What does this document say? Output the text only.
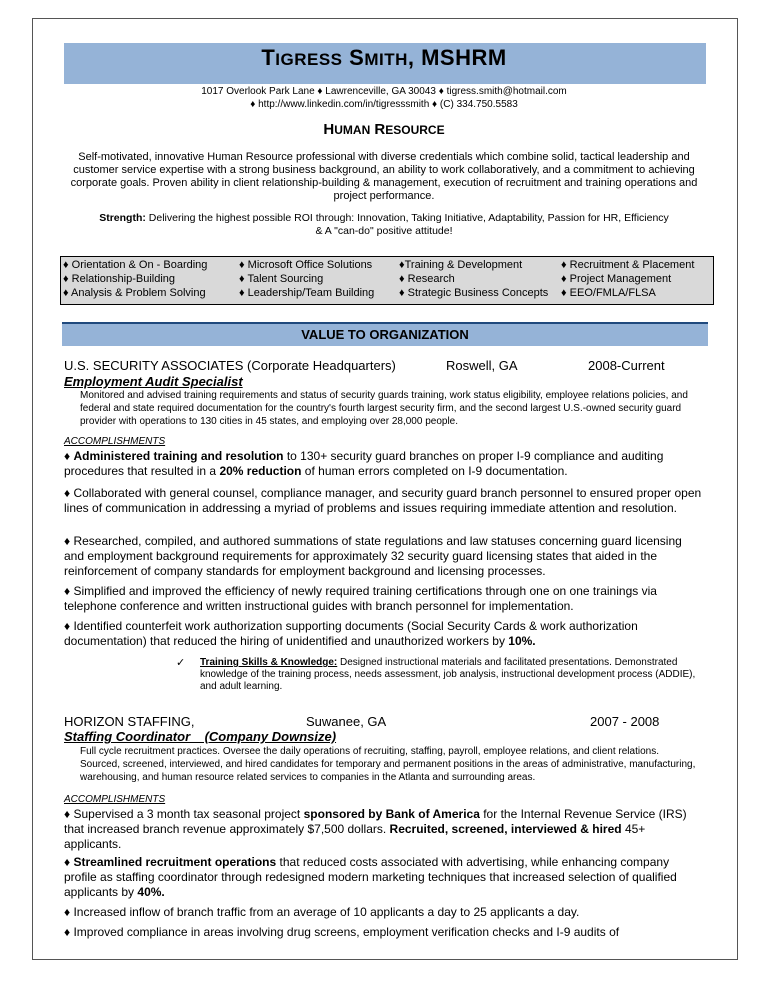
TIGRESS SMITH, MSHRM
1017 Overlook Park Lane ♦ Lawrenceville, GA 30043 ♦ tigress.smith@hotmail.com
♦ http://www.linkedin.com/in/tigresssmith ♦ (C) 334.750.5583
HUMAN RESOURCE
Self-motivated, innovative Human Resource professional with diverse credentials which combine solid, tactical leadership and customer service expertise with a strong business background, an ability to work collaboratively, and a commitment to achieving corporate goals. Proven ability in client relationship-building & management, execution of recruitment and training operations and project performance.
Strength: Delivering the highest possible ROI through: Innovation, Taking Initiative, Adaptability, Passion for HR, Efficiency
& A "can-do" positive attitude!
♦ Orientation & On - Boarding	♦ Microsoft Office Solutions ♦Training & Development	♦ Recruitment & Placement
♦ Relationship-Building	♦ Talent Sourcing	♦ Research	♦ Project Management
♦ Analysis & Problem Solving	♦ Leadership/Team Building ♦ Strategic Business Concepts ♦ EEO/FMLA/FLSA
VALUE TO ORGANIZATION
U.S. SECURITY ASSOCIATES (Corporate Headquarters)	Roswell, GA	2008-Current
Employment Audit Specialist
Monitored and advised training requirements and status of security guards training, work status eligibility, employee relations policies, and federal and state required documentation for the country's fourth largest security firm, and the second largest U.S.-owned security guard provider with operations to 130 cities in 45 states, and employing over 28,000 people.
ACCOMPLISHMENTS
♦ Administered training and resolution to 130+ security guard branches on proper I-9 compliance and auditing procedures that resulted in a 20% reduction of human errors completed on I-9 documentation.
♦ Collaborated with general counsel, compliance manager, and security guard branch personnel to ensured proper open lines of communication in addressing a myriad of problems and issues requiring immediate attention and resolution.
♦ Researched, compiled, and authored summations of state regulations and law statuses concerning guard licensing and employment background requirements for approximately 32 security guard licensing states that aided in the reinforcement of company standards for employment background and licensing processes.
♦ Simplified and improved the efficiency of newly required training certifications through one on one trainings via telephone conference and written instructional guides with branch personnel for implementation.
♦ Identified counterfeit work authorization supporting documents (Social Security Cards & work authorization documentation) that reduced the hiring of unidentified and unauthorized workers by 10%.
✓ Training Skills & Knowledge: Designed instructional materials and facilitated presentations. Demonstrated knowledge of the training process, needs assessment, job analysis, instructional development process (ADDIE), and adult learning.
HORIZON STAFFING,	Suwanee, GA	2007 - 2008
Staffing Coordinator    (Company Downsize)
Full cycle recruitment practices. Oversee the daily operations of recruiting, staffing, payroll, employee relations, and client relations. Sourced, screened, interviewed, and hired candidates for temporary and permanent positions in the areas of administrative, manufacturing, warehousing, and human resource related services to companies in the Atlanta and surrounding areas.
ACCOMPLISHMENTS
♦ Supervised a 3 month tax seasonal project sponsored by Bank of America for the Internal Revenue Service (IRS) that increased branch revenue approximately $7,500 dollars. Recruited, screened, interviewed & hired 45+ applicants.
♦ Streamlined recruitment operations that reduced costs associated with advertising, while enhancing company profile as staffing coordinator through redesigned modern marketing techniques that increased selection of qualified applicants by 40%.
♦ Increased inflow of branch traffic from an average of 10 applicants a day to 25 applicants a day.
♦ Improved compliance in areas involving drug screens, employment verification checks and I-9 audits of
